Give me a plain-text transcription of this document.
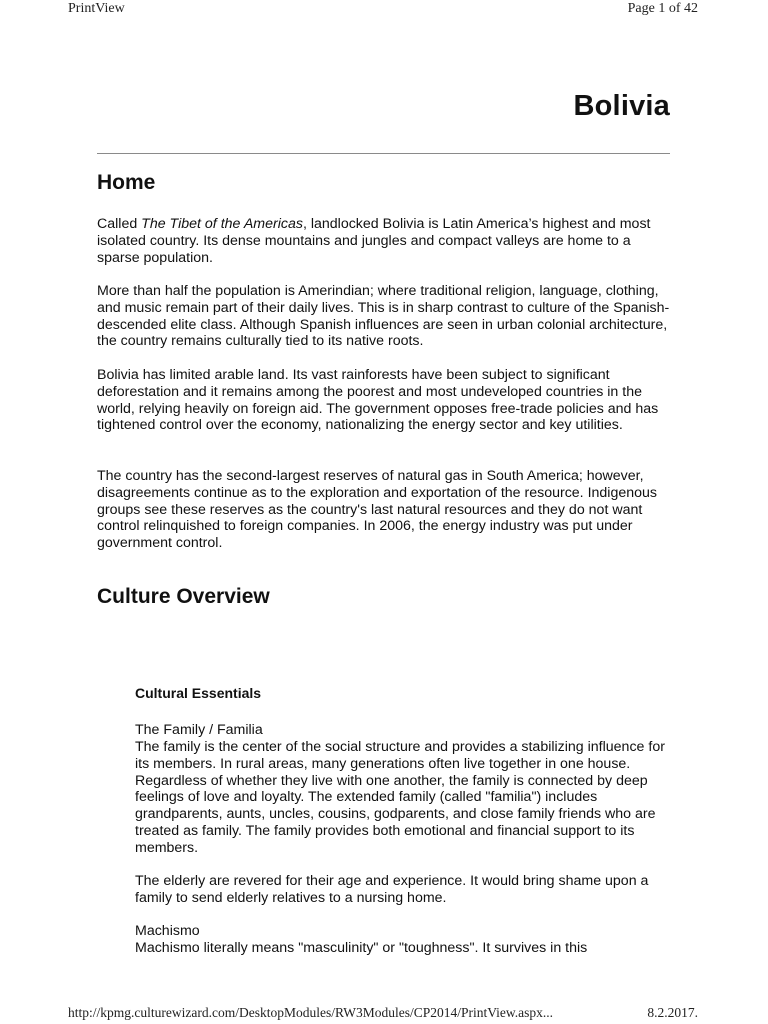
PrintView	Page 1 of 42
Bolivia
Home

Called The Tibet of the Americas, landlocked Bolivia is Latin America’s highest and most isolated country. Its dense mountains and jungles and compact valleys are home to a sparse population.

More than half the population is Amerindian; where traditional religion, language, clothing, and music remain part of their daily lives. This is in sharp contrast to culture of the Spanish-descended elite class. Although Spanish influences are seen in urban colonial architecture, the country remains culturally tied to its native roots.

Bolivia has limited arable land. Its vast rainforests have been subject to significant deforestation and it remains among the poorest and most undeveloped countries in the world, relying heavily on foreign aid. The government opposes free-trade policies and has tightened control over the economy, nationalizing the energy sector and key utilities.

The country has the second-largest reserves of natural gas in South America; however, disagreements continue as to the exploration and exportation of the resource. Indigenous groups see these reserves as the country's last natural resources and they do not want control relinquished to foreign companies. In 2006, the energy industry was put under government control.

Culture Overview

Cultural Essentials

The Family / Familia

The family is the center of the social structure and provides a stabilizing influence for its members. In rural areas, many generations often live together in one house. Regardless of whether they live with one another, the family is connected by deep feelings of love and loyalty. The extended family (called "familia") includes grandparents, aunts, uncles, cousins, godparents, and close family friends who are treated as family. The family provides both emotional and financial support to its members.

The elderly are revered for their age and experience. It would bring shame upon a family to send elderly relatives to a nursing home.

Machismo

Machismo literally means "masculinity" or "toughness". It survives in this

http://kpmg.culturewizard.com/DesktopModules/RW3Modules/CP2014/PrintView.aspx...	8.2.2017.
